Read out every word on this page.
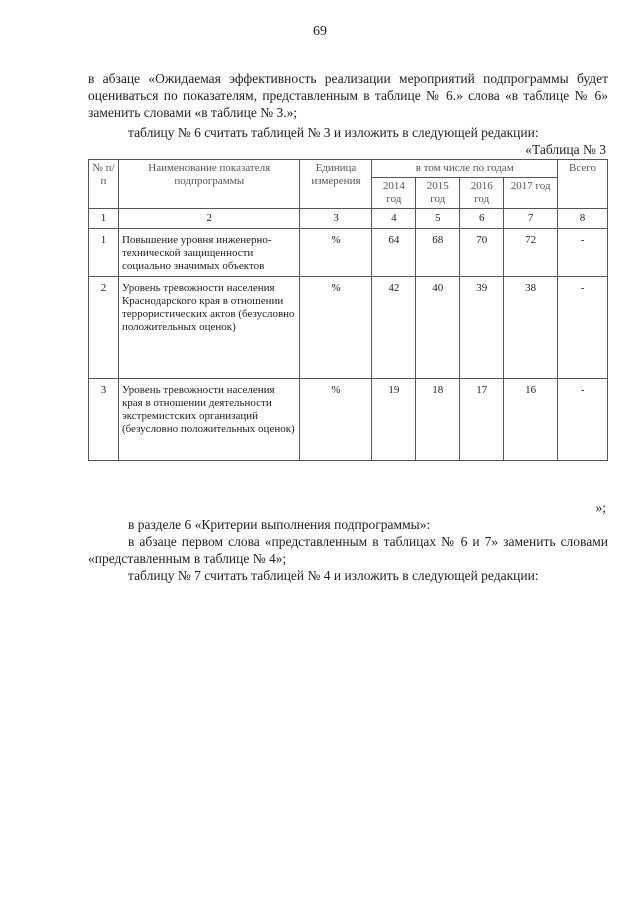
69
в абзаце «Ожидаемая эффективность реализации мероприятий подпрограммы будет оцениваться по показателям, представленным в таблице № 6.» слова «в таблице № 6» заменить словами «в таблице № 3.»;
таблицу № 6 считать таблицей № 3 и изложить в следующей редакции:
«Таблица № 3
№ п/п	Наименование показателя подпрограммы	Единица измерения	в том числе по годам				Всего
			2014 год	2015 год	2016 год	2017 год	
1	2	3	4	5	6	7	8
1	Повышение уровня инженерно-технической защищенности социально значимых объектов	%	64	68	70	72	-
2	Уровень тревожности населения Краснодарского края в отношении террористических актов (безусловно положительных оценок)	%	42	40	39	38	-
3	Уровень тревожности населения края в отношении деятельности экстремистских организаций (безусловно положительных оценок)	%	19	18	17	16	-
»;
в разделе 6 «Критерии выполнения подпрограммы»:
в абзаце первом слова «представленным в таблицах № 6 и 7» заменить словами «представленным в таблице № 4»;
таблицу № 7 считать таблицей № 4 и изложить в следующей редакции:
